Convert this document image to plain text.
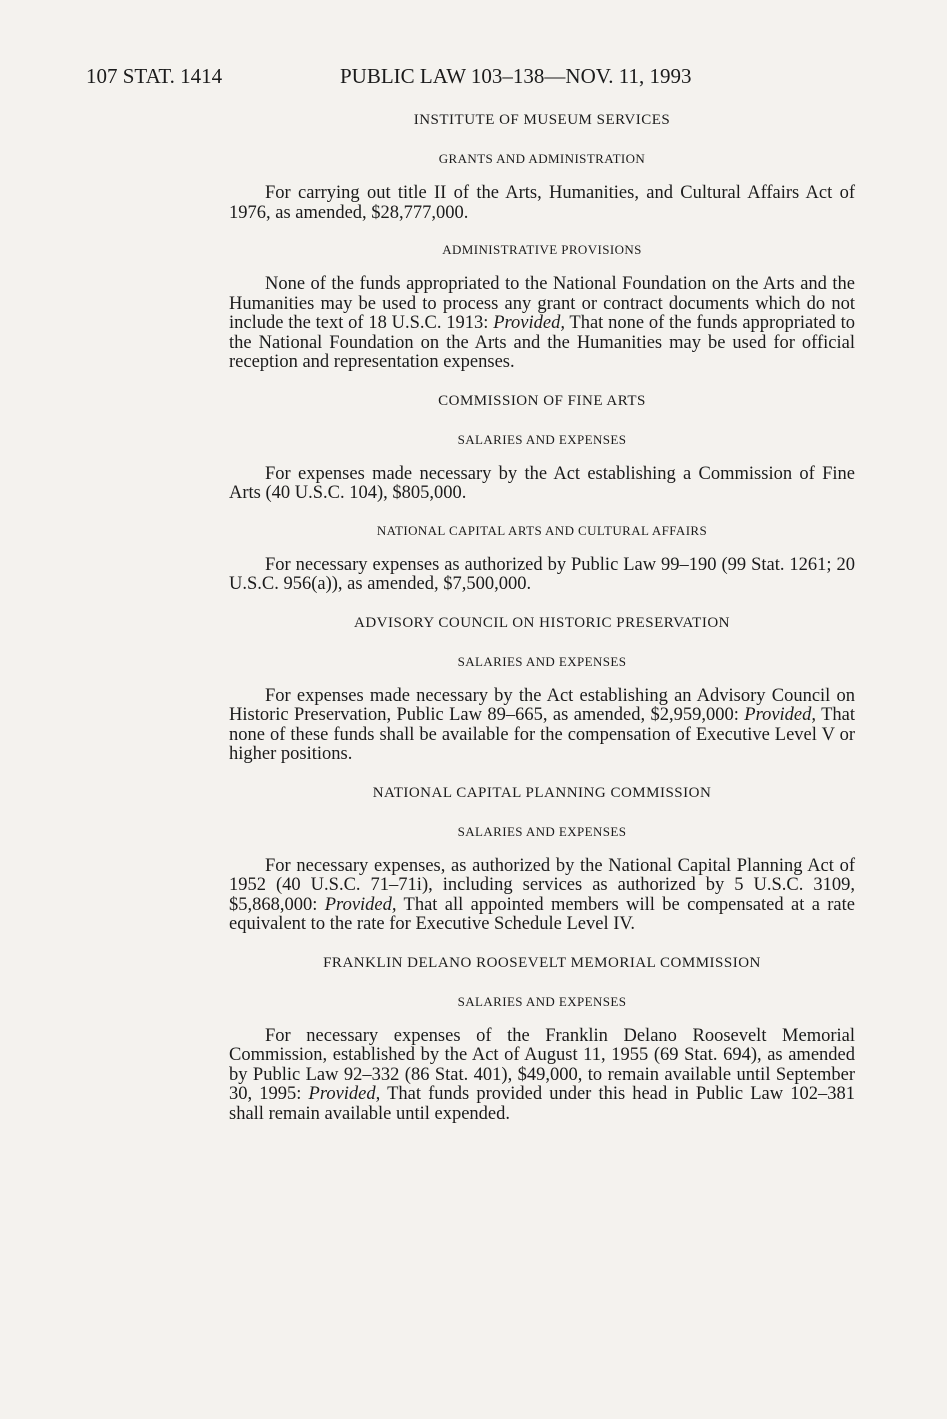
107 STAT. 1414	PUBLIC LAW 103–138—NOV. 11, 1993
INSTITUTE OF MUSEUM SERVICES
GRANTS AND ADMINISTRATION

For carrying out title II of the Arts, Humanities, and Cultural Affairs Act of 1976, as amended, $28,777,000.

ADMINISTRATIVE PROVISIONS

None of the funds appropriated to the National Foundation on the Arts and the Humanities may be used to process any grant or contract documents which do not include the text of 18 U.S.C. 1913: Provided, That none of the funds appropriated to the National Foundation on the Arts and the Humanities may be used for official reception and representation expenses.

COMMISSION OF FINE ARTS
SALARIES AND EXPENSES

For expenses made necessary by the Act establishing a Commission of Fine Arts (40 U.S.C. 104), $805,000.

NATIONAL CAPITAL ARTS AND CULTURAL AFFAIRS

For necessary expenses as authorized by Public Law 99–190 (99 Stat. 1261; 20 U.S.C. 956(a)), as amended, $7,500,000.

ADVISORY COUNCIL ON HISTORIC PRESERVATION
SALARIES AND EXPENSES

For expenses made necessary by the Act establishing an Advisory Council on Historic Preservation, Public Law 89–665, as amended, $2,959,000: Provided, That none of these funds shall be available for the compensation of Executive Level V or higher positions.

NATIONAL CAPITAL PLANNING COMMISSION
SALARIES AND EXPENSES

For necessary expenses, as authorized by the National Capital Planning Act of 1952 (40 U.S.C. 71–71i), including services as authorized by 5 U.S.C. 3109, $5,868,000: Provided, That all appointed members will be compensated at a rate equivalent to the rate for Executive Schedule Level IV.

FRANKLIN DELANO ROOSEVELT MEMORIAL COMMISSION
SALARIES AND EXPENSES

For necessary expenses of the Franklin Delano Roosevelt Memorial Commission, established by the Act of August 11, 1955 (69 Stat. 694), as amended by Public Law 92–332 (86 Stat. 401), $49,000, to remain available until September 30, 1995: Provided, That funds provided under this head in Public Law 102–381 shall remain available until expended.
